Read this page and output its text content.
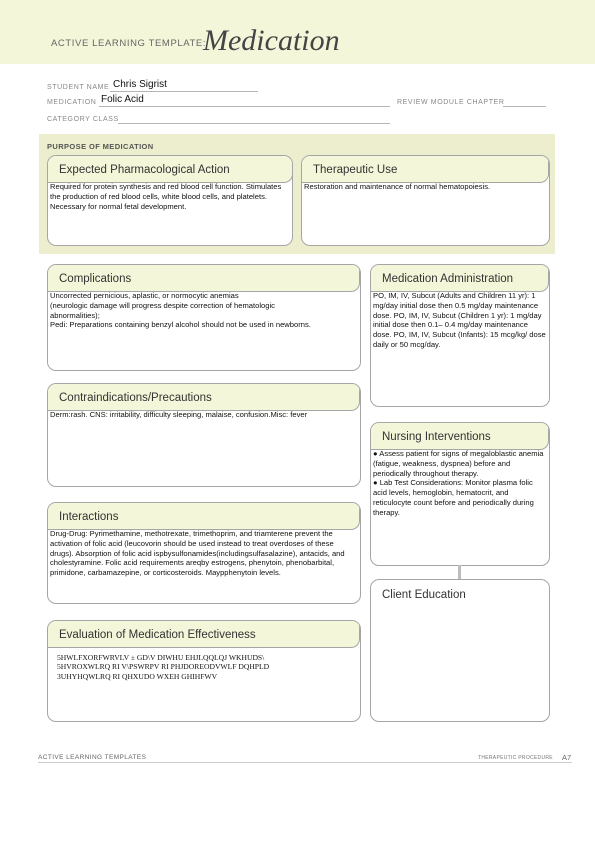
ACTIVE LEARNING TEMPLATE:
Medication
STUDENT NAME Chris Sigrist
MEDICATION Folic Acid	REVIEW MODULE CHAPTER
CATEGORY CLASS
PURPOSE OF MEDICATION
Expected Pharmacological Action
Required for protein synthesis and red blood cell function. Stimulates the production of red blood cells, white blood cells, and platelets. Necessary for normal fetal development.
Therapeutic Use
Restoration and maintenance of normal hematopoiesis.
Complications
Uncorrected pernicious, aplastic, or normocytic anemias
(neurologic damage will progress despite correction of hematologic abnormalities);
Pedi: Preparations containing benzyl alcohol should not be used in newborns.
Medication Administration
PO, IM, IV, Subcut (Adults and Children 11 yr): 1 mg/day initial dose then 0.5 mg/day maintenance dose. PO, IM, IV, Subcut (Children 1 yr): 1 mg/day initial dose then 0.1– 0.4 mg/day maintenance dose. PO, IM, IV, Subcut (Infants): 15 mcg/kg/ dose daily or 50 mcg/day.
Contraindications/Precautions
Derm:rash. CNS: irritability, difficulty sleeping, malaise, confusion.Misc: fever
Nursing Interventions
● Assess patient for signs of megaloblastic anemia (fatigue, weakness, dyspnea) before and periodically throughout therapy.
● Lab Test Considerations: Monitor plasma folic acid levels, hemoglobin, hematocrit, and reticulocyte count before and periodically during therapy.
Interactions
Drug-Drug: Pyrimethamine, methotrexate, trimethoprim, and triamterene prevent the activation of folic acid (leucovorin should be used instead to treat overdoses of these drugs). Absorption of folic acid ispbysulfonamides(includingsulfasalazine), antacids, and cholestyramine. Folic acid requirements areqby estrogens, phenytoin, phenobarbital, primidone, carbamazepine, or corticosteroids. Maypphenytoin levels.
Client Education
Evaluation of Medication Effectiveness
5HWLFXORFWRVLV ± GD\V DIWHU EHJLQQLQJ WKHUDS\
5HVROXWLRQ RI V\PSWRPV RI PHJDOREODVWLF DQHPLD
3UHYHQWLRQ RI QHXUDO WXEH GHIHFWV
ACTIVE LEARNING TEMPLATES	THERAPEUTIC PROCEDURE A7
